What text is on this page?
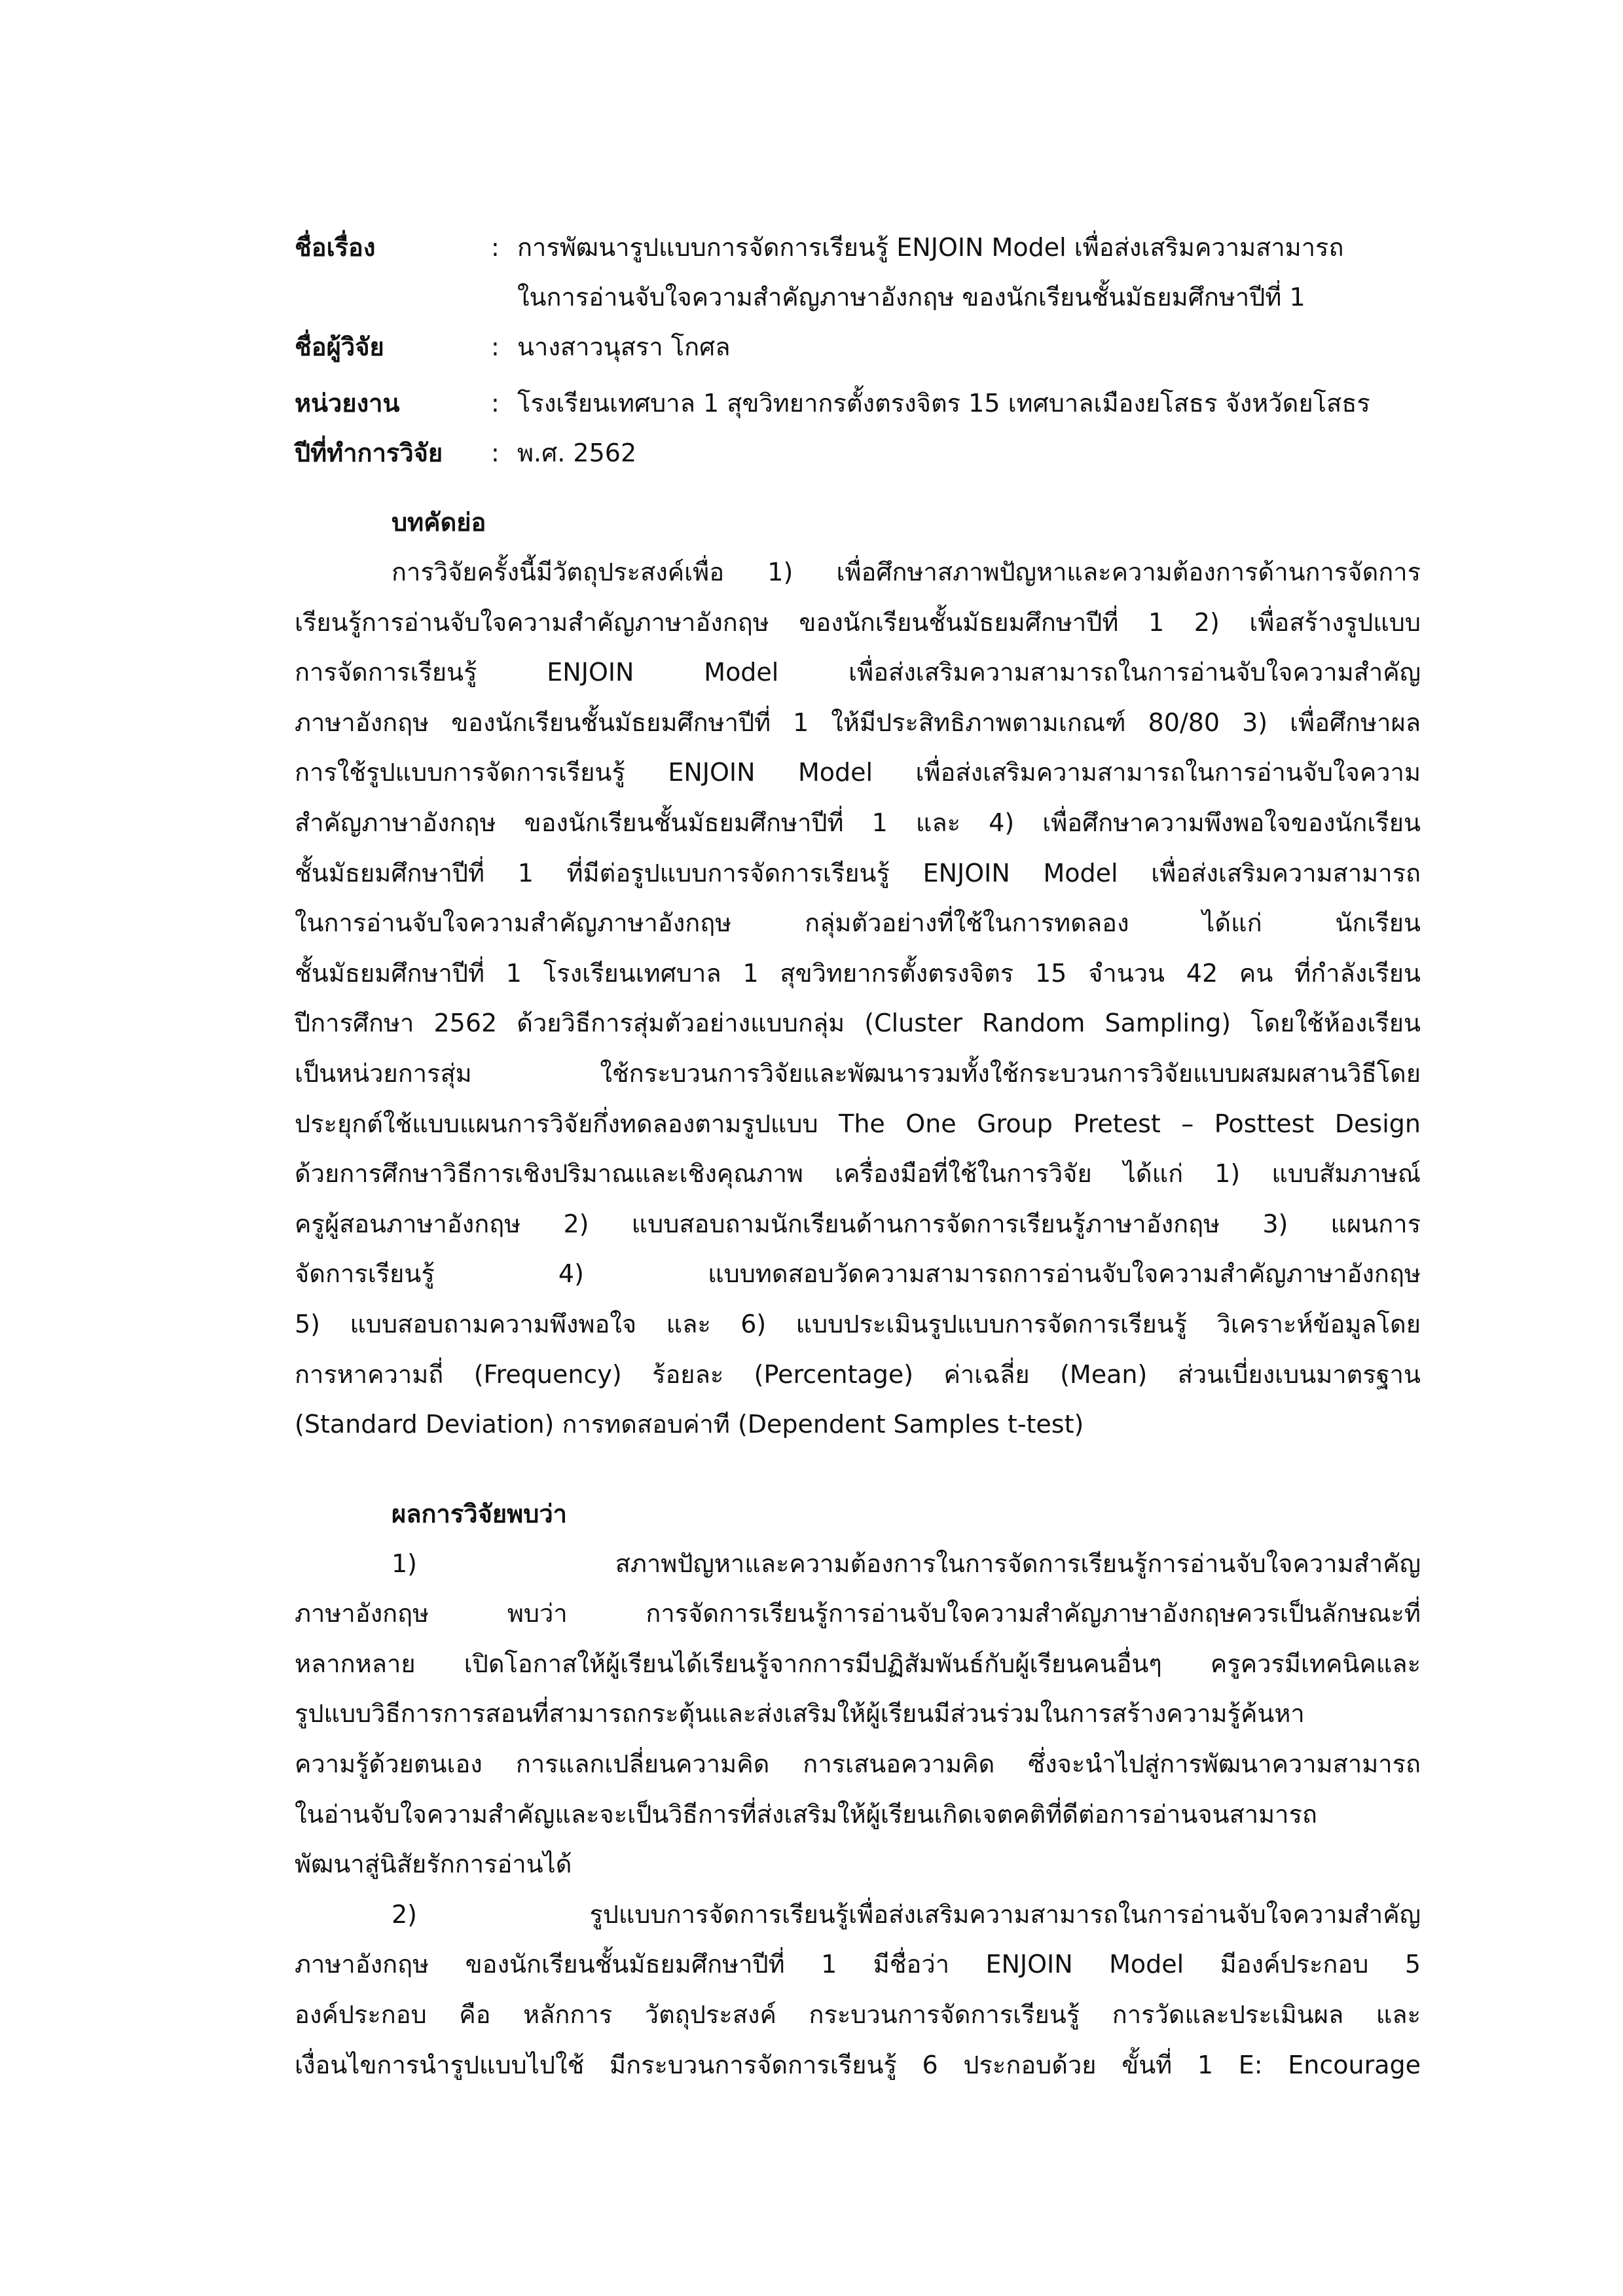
ชื่อเรื่อง	: การพัฒนารูปแบบการจัดการเรียนรู้ ENJOIN Model เพื่อส่งเสริมความสามารถ
ในการอ่านจับใจความสำคัญภาษาอังกฤษ ของนักเรียนชั้นมัธยมศึกษาปีที่ 1
ชื่อผู้วิจัย	: นางสาวนุสรา โกศล
หน่วยงาน	: โรงเรียนเทศบาล 1 สุขวิทยากรตั้งตรงจิตร 15 เทศบาลเมืองยโสธร จังหวัดยโสธร
ปีที่ทำการวิจัย	: พ.ศ. 2562
บทคัดย่อ
การวิจัยครั้งนี้มีวัตถุประสงค์เพื่อ 1) เพื่อศึกษาสภาพปัญหาและความต้องการด้านการจัดการ
เรียนรู้การอ่านจับใจความสำคัญภาษาอังกฤษ ของนักเรียนชั้นมัธยมศึกษาปีที่ 1 2) เพื่อสร้างรูปแบบ
การจัดการเรียนรู้ ENJOIN Model เพื่อส่งเสริมความสามารถในการอ่านจับใจความสำคัญ
ภาษาอังกฤษ ของนักเรียนชั้นมัธยมศึกษาปีที่ 1 ให้มีประสิทธิภาพตามเกณฑ์ 80/80 3) เพื่อศึกษาผล
การใช้รูปแบบการจัดการเรียนรู้ ENJOIN Model เพื่อส่งเสริมความสามารถในการอ่านจับใจความ
สำคัญภาษาอังกฤษ ของนักเรียนชั้นมัธยมศึกษาปีที่ 1 และ 4) เพื่อศึกษาความพึงพอใจของนักเรียน
ชั้นมัธยมศึกษาปีที่ 1 ที่มีต่อรูปแบบการจัดการเรียนรู้ ENJOIN Model เพื่อส่งเสริมความสามารถ
ในการอ่านจับใจความสำคัญภาษาอังกฤษ กลุ่มตัวอย่างที่ใช้ในการทดลอง ได้แก่ นักเรียน
ชั้นมัธยมศึกษาปีที่ 1 โรงเรียนเทศบาล 1 สุขวิทยากรตั้งตรงจิตร 15 จำนวน 42 คน ที่กำลังเรียน
ปีการศึกษา 2562 ด้วยวิธีการสุ่มตัวอย่างแบบกลุ่ม (Cluster Random Sampling) โดยใช้ห้องเรียน
เป็นหน่วยการสุ่ม ใช้กระบวนการวิจัยและพัฒนารวมทั้งใช้กระบวนการวิจัยแบบผสมผสานวิธีโดย
ประยุกต์ใช้แบบแผนการวิจัยกึ่งทดลองตามรูปแบบ The One Group Pretest – Posttest Design
ด้วยการศึกษาวิธีการเชิงปริมาณและเชิงคุณภาพ เครื่องมือที่ใช้ในการวิจัย ได้แก่ 1) แบบสัมภาษณ์
ครูผู้สอนภาษาอังกฤษ 2) แบบสอบถามนักเรียนด้านการจัดการเรียนรู้ภาษาอังกฤษ 3) แผนการ
จัดการเรียนรู้ 4) แบบทดสอบวัดความสามารถการอ่านจับใจความสำคัญภาษาอังกฤษ
5) แบบสอบถามความพึงพอใจ และ 6) แบบประเมินรูปแบบการจัดการเรียนรู้ วิเคราะห์ข้อมูลโดย
การหาความถี่ (Frequency) ร้อยละ (Percentage) ค่าเฉลี่ย (Mean) ส่วนเบี่ยงเบนมาตรฐาน
(Standard Deviation) การทดสอบค่าที (Dependent Samples t-test)
ผลการวิจัยพบว่า
1) สภาพปัญหาและความต้องการในการจัดการเรียนรู้การอ่านจับใจความสำคัญ
ภาษาอังกฤษ พบว่า การจัดการเรียนรู้การอ่านจับใจความสำคัญภาษาอังกฤษควรเป็นลักษณะที่
หลากหลาย เปิดโอกาสให้ผู้เรียนได้เรียนรู้จากการมีปฏิสัมพันธ์กับผู้เรียนคนอื่นๆ ครูควรมีเทคนิคและ
รูปแบบวิธีการการสอนที่สามารถกระตุ้นและส่งเสริมให้ผู้เรียนมีส่วนร่วมในการสร้างความรู้ค้นหา
ความรู้ด้วยตนเอง การแลกเปลี่ยนความคิด การเสนอความคิด ซึ่งจะนำไปสู่การพัฒนาความสามารถ
ในอ่านจับใจความสำคัญและจะเป็นวิธีการที่ส่งเสริมให้ผู้เรียนเกิดเจตคติที่ดีต่อการอ่านจนสามารถ
พัฒนาสู่นิสัยรักการอ่านได้
2) รูปแบบการจัดการเรียนรู้เพื่อส่งเสริมความสามารถในการอ่านจับใจความสำคัญ
ภาษาอังกฤษ ของนักเรียนชั้นมัธยมศึกษาปีที่ 1 มีชื่อว่า ENJOIN Model มีองค์ประกอบ 5
องค์ประกอบ คือ หลักการ วัตถุประสงค์ กระบวนการจัดการเรียนรู้ การวัดและประเมินผล และ
เงื่อนไขการนำรูปแบบไปใช้ มีกระบวนการจัดการเรียนรู้ 6 ประกอบด้วย ขั้นที่ 1 E: Encourage
